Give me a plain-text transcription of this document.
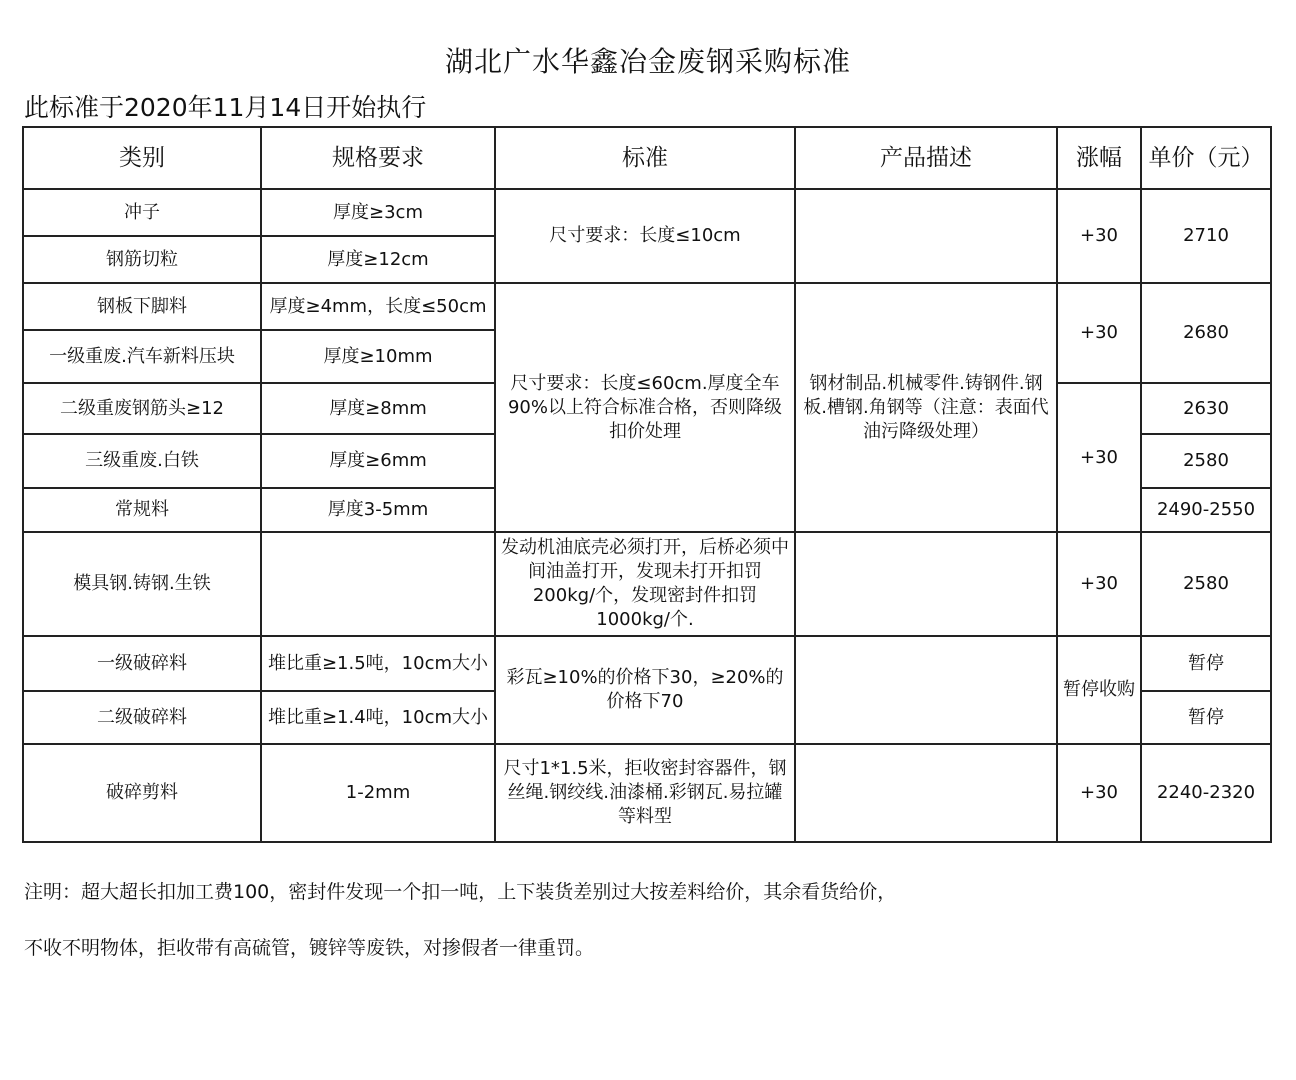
湖北广水华鑫冶金废钢采购标准
此标准于2020年11月14日开始执行
类别	规格要求	标准	产品描述	涨幅	单价（元）
冲子	厚度≥3cm	尺寸要求：长度≤10cm		+30	2710
钢筋切粒	厚度≥12cm				
钢板下脚料	厚度≥4mm，长度≤50cm	尺寸要求：长度≤60cm.厚度全车90%以上符合标准合格，否则降级扣价处理	钢材制品.机械零件.铸钢件.钢板.槽钢.角钢等（注意：表面代油污降级处理）	+30	2680
一级重废.汽车新料压块	厚度≥10mm				
二级重废钢筋头≥12	厚度≥8mm			+30	2630
三级重废.白铁	厚度≥6mm				2580
常规料	厚度3-5mm				2490-2550
模具钢.铸钢.生铁		发动机油底壳必须打开，后桥必须中间油盖打开，发现未打开扣罚200kg/个，发现密封件扣罚1000kg/个.		+30	2580
一级破碎料	堆比重≥1.5吨，10cm大小	彩瓦≥10%的价格下30，≥20%的价格下70		暂停收购	暂停
二级破碎料	堆比重≥1.4吨，10cm大小				暂停
破碎剪料	1-2mm	尺寸1*1.5米，拒收密封容器件，钢丝绳.钢绞线.油漆桶.彩钢瓦.易拉罐等料型		+30	2240-2320
注明：超大超长扣加工费100，密封件发现一个扣一吨，上下装货差别过大按差料给价，其余看货给价，
不收不明物体，拒收带有高硫管，镀锌等废铁，对掺假者一律重罚。
